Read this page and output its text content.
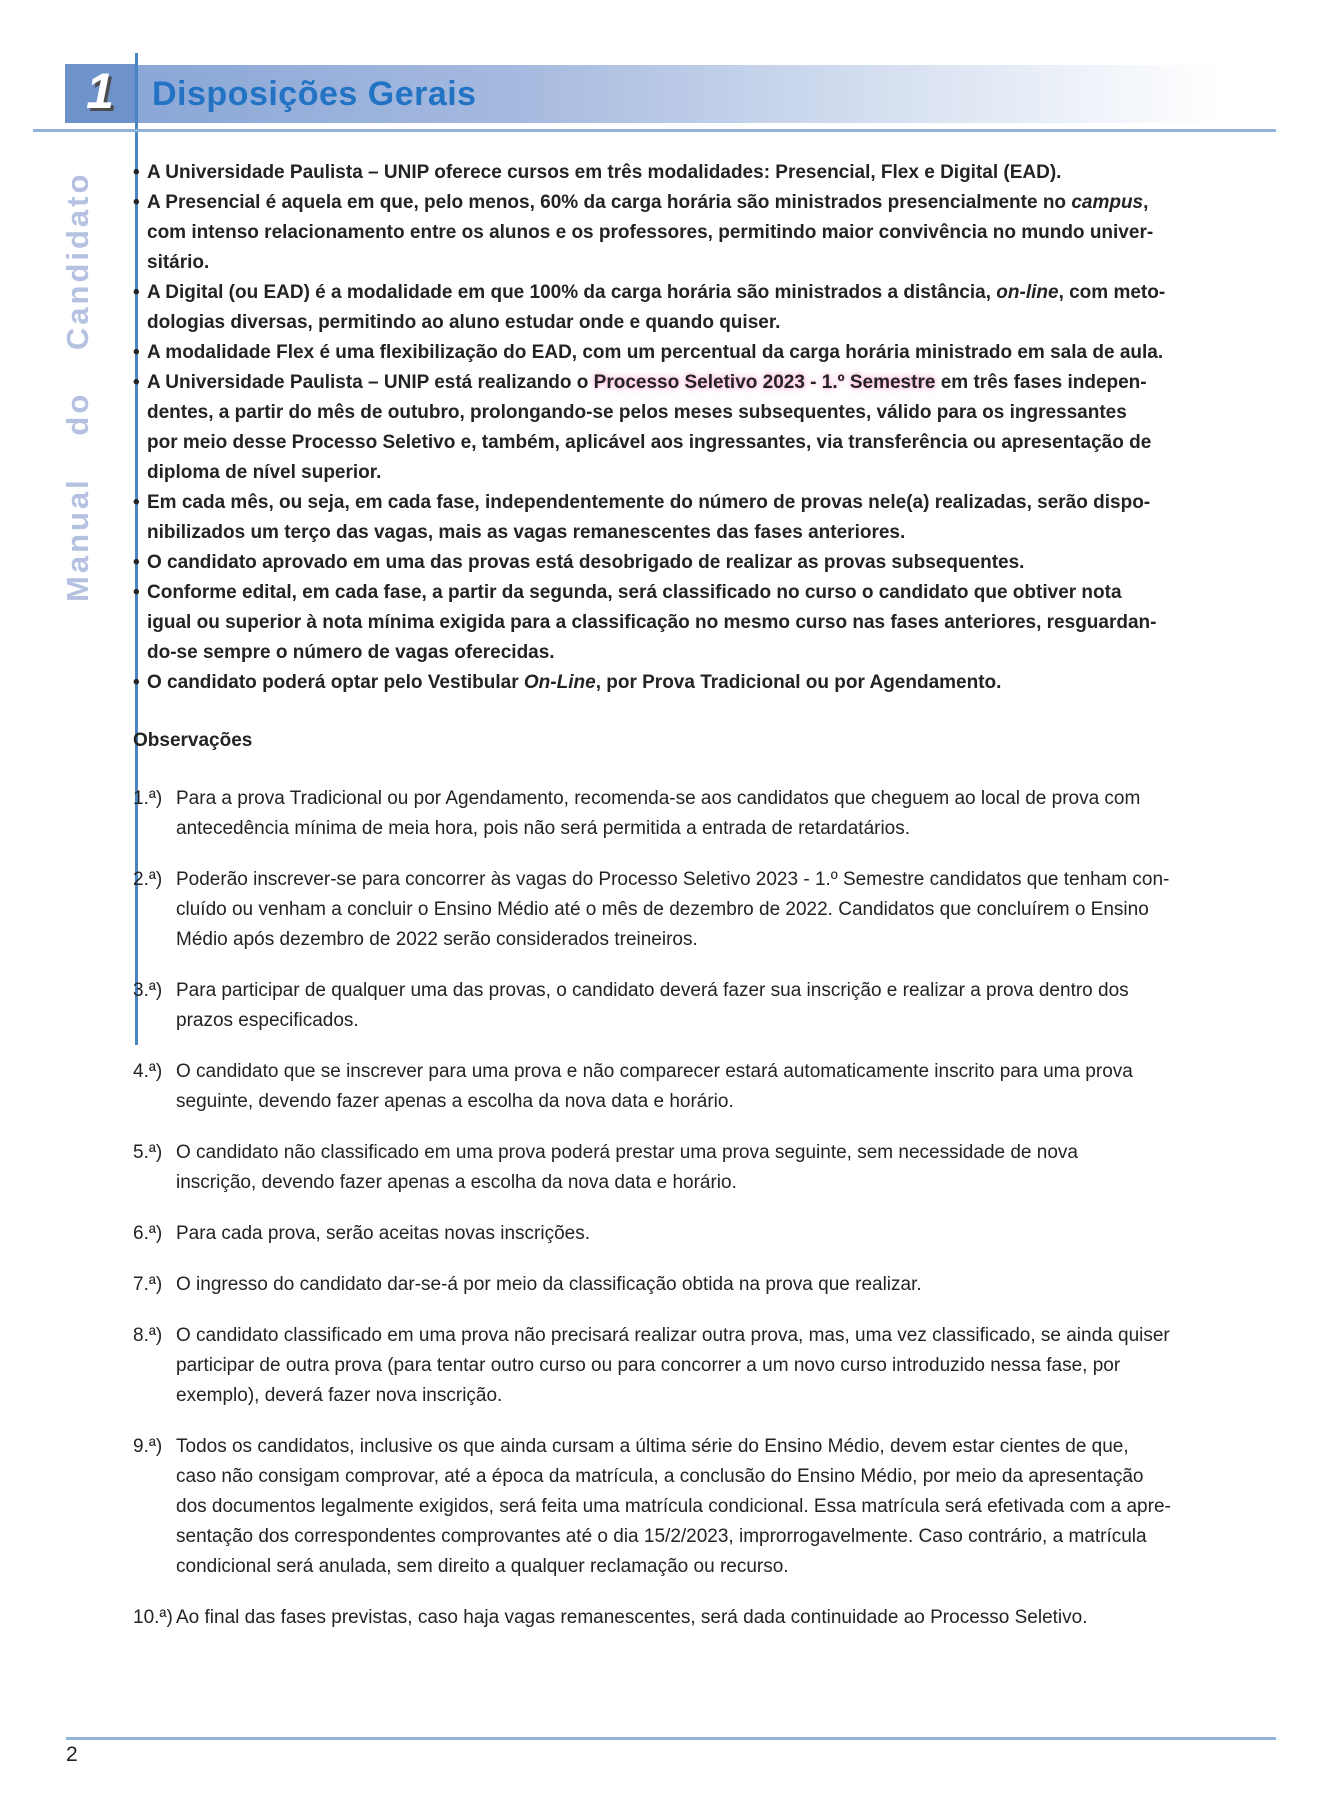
1	Disposições Gerais
Manual do Candidato	• A Universidade Paulista – UNIP oferece cursos em três modalidades: Presencial, Flex e Digital (EAD).
• A Presencial é aquela em que, pelo menos, 60% da carga horária são ministrados presencialmente no campus,
com intenso relacionamento entre os alunos e os professores, permitindo maior convivência no mundo univer-
sitário.
• A Digital (ou EAD) é a modalidade em que 100% da carga horária são ministrados a distância, on-line, com meto-
dologias diversas, permitindo ao aluno estudar onde e quando quiser.
• A modalidade Flex é uma flexibilização do EAD, com um percentual da carga horária ministrado em sala de aula.
• A Universidade Paulista – UNIP está realizando o Processo Seletivo 2023 - 1.º Semestre em três fases indepen-
dentes, a partir do mês de outubro, prolongando-se pelos meses subsequentes, válido para os ingressantes
por meio desse Processo Seletivo e, também, aplicável aos ingressantes, via transferência ou apresentação de
diploma de nível superior.
• Em cada mês, ou seja, em cada fase, independentemente do número de provas nele(a) realizadas, serão dispo-
nibilizados um terço das vagas, mais as vagas remanescentes das fases anteriores.
• O candidato aprovado em uma das provas está desobrigado de realizar as provas subsequentes.
• Conforme edital, em cada fase, a partir da segunda, será classificado no curso o candidato que obtiver nota
igual ou superior à nota mínima exigida para a classificação no mesmo curso nas fases anteriores, resguardan-
do-se sempre o número de vagas oferecidas.
• O candidato poderá optar pelo Vestibular On-Line, por Prova Tradicional ou por Agendamento.
Observações
1.ª) Para a prova Tradicional ou por Agendamento, recomenda-se aos candidatos que cheguem ao local de prova com
antecedência mínima de meia hora, pois não será permitida a entrada de retardatários.
2.ª) Poderão inscrever-se para concorrer às vagas do Processo Seletivo 2023 - 1.º Semestre candidatos que tenham con-
cluído ou venham a concluir o Ensino Médio até o mês de dezembro de 2022. Candidatos que concluírem o Ensino
Médio após dezembro de 2022 serão considerados treineiros.
3.ª) Para participar de qualquer uma das provas, o candidato deverá fazer sua inscrição e realizar a prova dentro dos
prazos especificados.
4.ª) O candidato que se inscrever para uma prova e não comparecer estará automaticamente inscrito para uma prova
seguinte, devendo fazer apenas a escolha da nova data e horário.
5.ª) O candidato não classificado em uma prova poderá prestar uma prova seguinte, sem necessidade de nova
inscrição, devendo fazer apenas a escolha da nova data e horário.
6.ª) Para cada prova, serão aceitas novas inscrições.
7.ª) O ingresso do candidato dar-se-á por meio da classificação obtida na prova que realizar.
8.ª) O candidato classificado em uma prova não precisará realizar outra prova, mas, uma vez classificado, se ainda quiser
participar de outra prova (para tentar outro curso ou para concorrer a um novo curso introduzido nessa fase, por
exemplo), deverá fazer nova inscrição.
9.ª) Todos os candidatos, inclusive os que ainda cursam a última série do Ensino Médio, devem estar cientes de que,
caso não consigam comprovar, até a época da matrícula, a conclusão do Ensino Médio, por meio da apresentação
dos documentos legalmente exigidos, será feita uma matrícula condicional. Essa matrícula será efetivada com a apre-
sentação dos correspondentes comprovantes até o dia 15/2/2023, improrrogavelmente. Caso contrário, a matrícula
condicional será anulada, sem direito a qualquer reclamação ou recurso.
10.ª) Ao final das fases previstas, caso haja vagas remanescentes, será dada continuidade ao Processo Seletivo.
2
